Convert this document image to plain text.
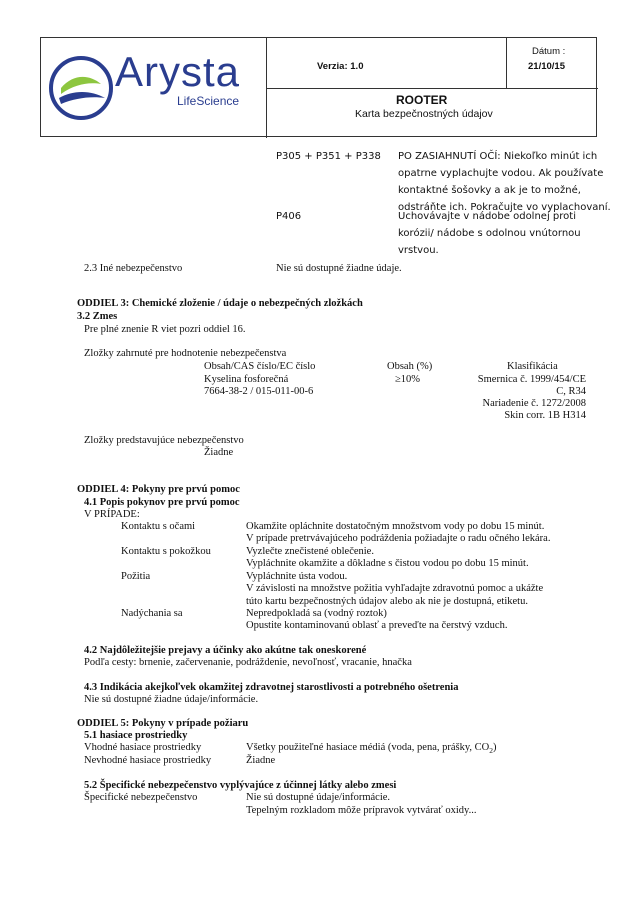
Arysta
LifeScience
Verzia: 1.0
Dátum :
21/10/15
ROOTER
Karta bezpečnostných údajov
P305 + P351 + P338 PO ZASIAHNUTÍ OČÍ: Niekoľko minút ich
opatrne vyplachujte vodou. Ak používate
kontaktné šošovky a ak je to možné,
odstráňte ich. Pokračujte vo vyplachovaní.
P406	Uchovávajte v nádobe odolnej proti
korózii/ nádobe s odolnou vnútornou
vrstvou.
2.3 Iné nebezpečenstvo	Nie sú dostupné žiadne údaje.
ODDIEL 3: Chemické zloženie / údaje o nebezpečných zložkách
3.2 Zmes
Pre plné znenie R viet pozri oddiel 16.
Zložky zahrnuté pre hodnotenie nebezpečenstva
Obsah/CAS číslo/EC číslo	Obsah (%)	Klasifikácia
Kyselina fosforečná
7664-38-2 / 015-011-00-6
≥10%	Smernica č. 1999/454/CE
C, R34
Nariadenie č. 1272/2008
Skin corr. 1B H314
Zložky predstavujúce nebezpečenstvo
Žiadne
ODDIEL 4: Pokyny pre prvú pomoc
4.1 Popis pokynov pre prvú pomoc
V PRÍPADE:
Kontaktu s očami	Okamžite opláchnite dostatočným množstvom vody po dobu 15 minút.
V prípade pretrvávajúceho podráždenia požiadajte o radu očného lekára.
Kontaktu s pokožkou	Vyzlečte znečistené oblečenie.
Vypláchnite okamžite a dôkladne s čistou vodou po dobu 15 minút.
Požitia	Vypláchnite ústa vodou.
V závislosti na množstve požitia vyhľadajte zdravotnú pomoc a ukážte
túto kartu bezpečnostných údajov alebo ak nie je dostupná, etiketu.
Nadýchania sa	Nepredpokladá sa (vodný roztok)
Opustite kontaminovanú oblasť a preveďte na čerstvý vzduch.
4.2 Najdôležitejšie prejavy a účinky ako akútne tak oneskorené
Podľa cesty: brnenie, začervenanie, podráždenie, nevoľnosť, vracanie, hnačka
4.3 Indikácia akejkoľvek okamžitej zdravotnej starostlivosti a potrebného ošetrenia
Nie sú dostupné žiadne údaje/informácie.
ODDIEL 5: Pokyny v prípade požiaru
5.1 hasiace prostriedky
Vhodné hasiace prostriedky	Všetky použiteľné hasiace médiá (voda, pena, prášky, $CO_2$)
Nevhodné hasiace prostriedky	Žiadne
5.2 Špecifické nebezpečenstvo vyplývajúce z účinnej látky alebo zmesi
Špecifické nebezpečenstvo	Nie sú dostupné údaje/informácie.
Tepelným rozkladom môže prípravok vytvárať oxidy...
